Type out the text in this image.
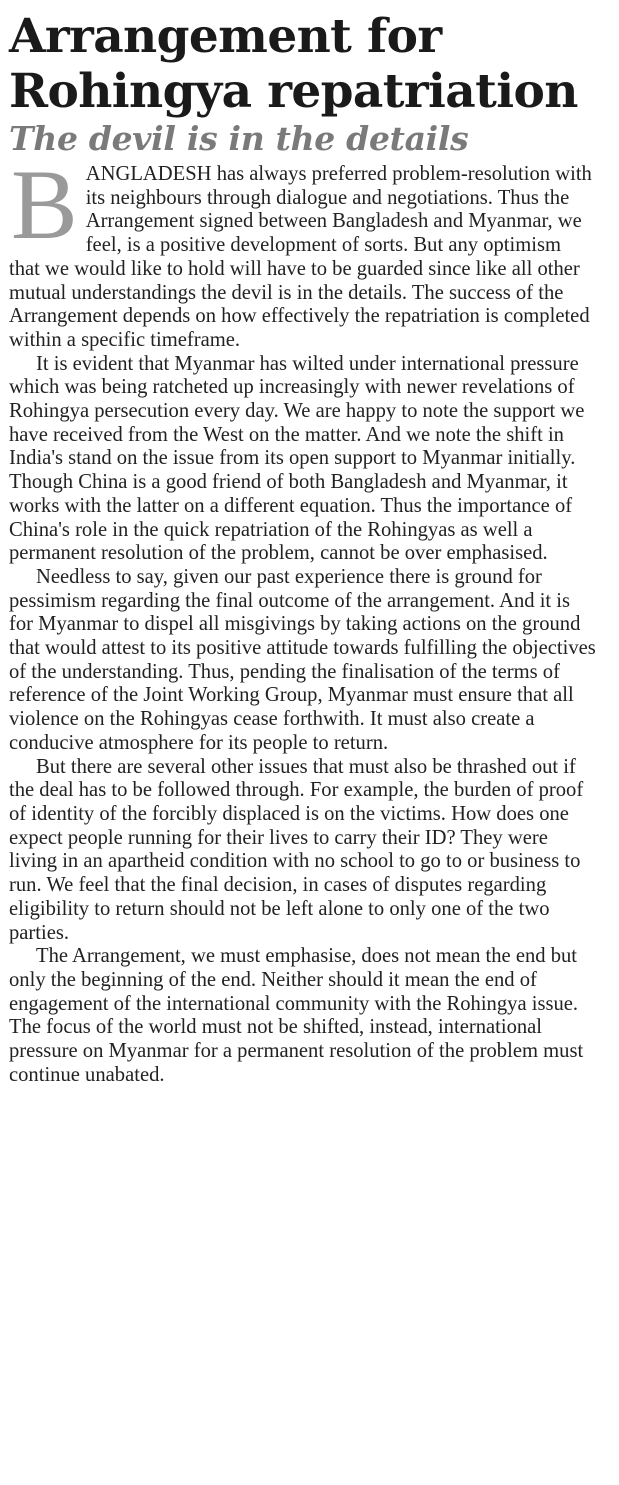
Arrangement for
Rohingya repatriation
The devil is in the details

BANGLADESH has always preferred problem-resolution with its neighbours through dialogue and negotiations. Thus the Arrangement signed between Bangladesh and Myanmar, we feel, is a positive development of sorts. But any optimism that we would like to hold will have to be guarded since like all other mutual understandings the devil is in the details. The success of the Arrangement depends on how effectively the repatriation is completed within a specific timeframe.

It is evident that Myanmar has wilted under international pressure which was being ratcheted up increasingly with newer revelations of Rohingya persecution every day. We are happy to note the support we have received from the West on the matter. And we note the shift in India's stand on the issue from its open support to Myanmar initially. Though China is a good friend of both Bangladesh and Myanmar, it works with the latter on a different equation. Thus the importance of China's role in the quick repatriation of the Rohingyas as well a permanent resolution of the problem, cannot be over emphasised.

Needless to say, given our past experience there is ground for pessimism regarding the final outcome of the arrangement. And it is for Myanmar to dispel all misgivings by taking actions on the ground that would attest to its positive attitude towards fulfilling the objectives of the understanding. Thus, pending the finalisation of the terms of reference of the Joint Working Group, Myanmar must ensure that all violence on the Rohingyas cease forthwith. It must also create a conducive atmosphere for its people to return.

But there are several other issues that must also be thrashed out if the deal has to be followed through. For example, the burden of proof of identity of the forcibly displaced is on the victims. How does one expect people running for their lives to carry their ID? They were living in an apartheid condition with no school to go to or business to run. We feel that the final decision, in cases of disputes regarding eligibility to return should not be left alone to only one of the two parties.

The Arrangement, we must emphasise, does not mean the end but only the beginning of the end. Neither should it mean the end of engagement of the international community with the Rohingya issue. The focus of the world must not be shifted, instead, international pressure on Myanmar for a permanent resolution of the problem must continue unabated.
